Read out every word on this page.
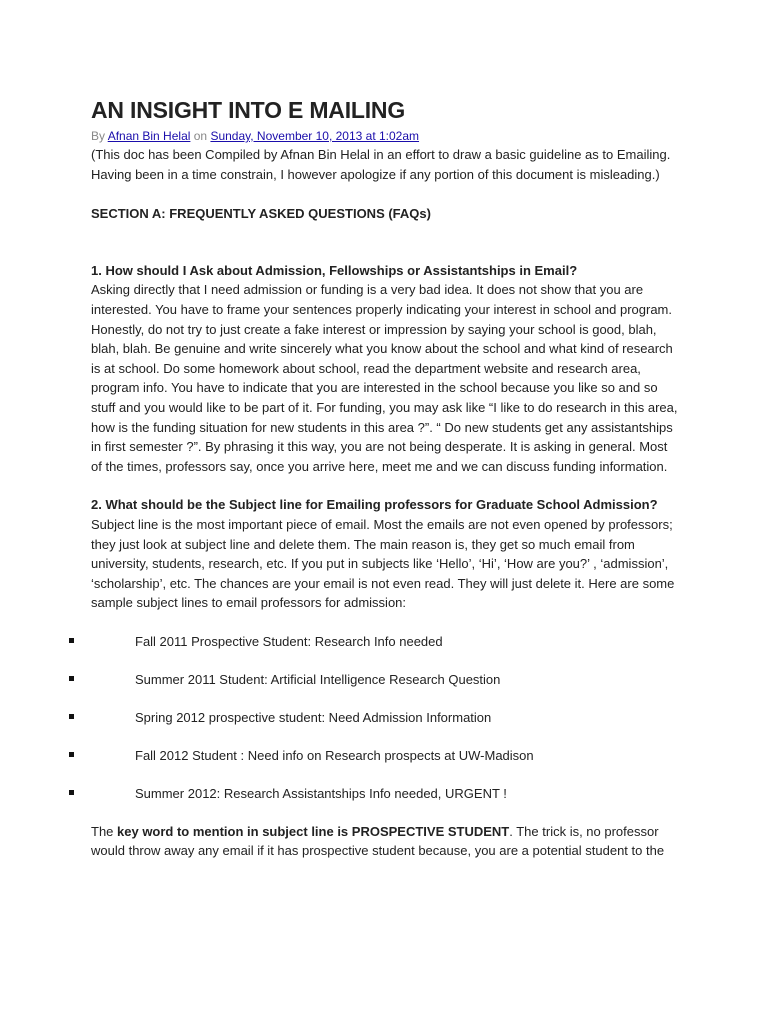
AN INSIGHT INTO E MAILING
By Afnan Bin Helal on Sunday, November 10, 2013 at 1:02am

(This doc has been Compiled by Afnan Bin Helal in an effort to draw a basic guideline as to Emailing. Having been in a time constrain, I however apologize if any portion of this document is misleading.)

SECTION A: FREQUENTLY ASKED QUESTIONS (FAQs)

1. How should I Ask about Admission, Fellowships or Assistantships in Email?

Asking directly that I need admission or funding is a very bad idea. It does not show that you are interested. You have to frame your sentences properly indicating your interest in school and program. Honestly, do not try to just create a fake interest or impression by saying your school is good, blah, blah, blah. Be genuine and write sincerely what you know about the school and what kind of research is at school. Do some homework about school, read the department website and research area, program info. You have to indicate that you are interested in the school because you like so and so stuff and you would like to be part of it. For funding, you may ask like “I like to do research in this area, how is the funding situation for new students in this area ?”. “ Do new students get any assistantships in first semester ?”. By phrasing it this way, you are not being desperate. It is asking in general. Most of the times, professors say, once you arrive here, meet me and we can discuss funding information.

2. What should be the Subject line for Emailing professors for Graduate School Admission?

Subject line is the most important piece of email. Most the emails are not even opened by professors; they just look at subject line and delete them. The main reason is, they get so much email from university, students, research, etc. If you put in subjects like ‘Hello’, ‘Hi’, ‘How are you?’ , ‘admission’, ‘scholarship’, etc. The chances are your email is not even read. They will just delete it. Here are some sample subject lines to email professors for admission:

Fall 2011 Prospective Student: Research Info needed
Summer 2011 Student: Artificial Intelligence Research Question
Spring 2012 prospective student: Need Admission Information
Fall 2012 Student : Need info on Research prospects at UW-Madison
Summer 2012: Research Assistantships Info needed, URGENT !

The key word to mention in subject line is PROSPECTIVE STUDENT. The trick is, no professor would throw away any email if it has prospective student because, you are a potential student to the
